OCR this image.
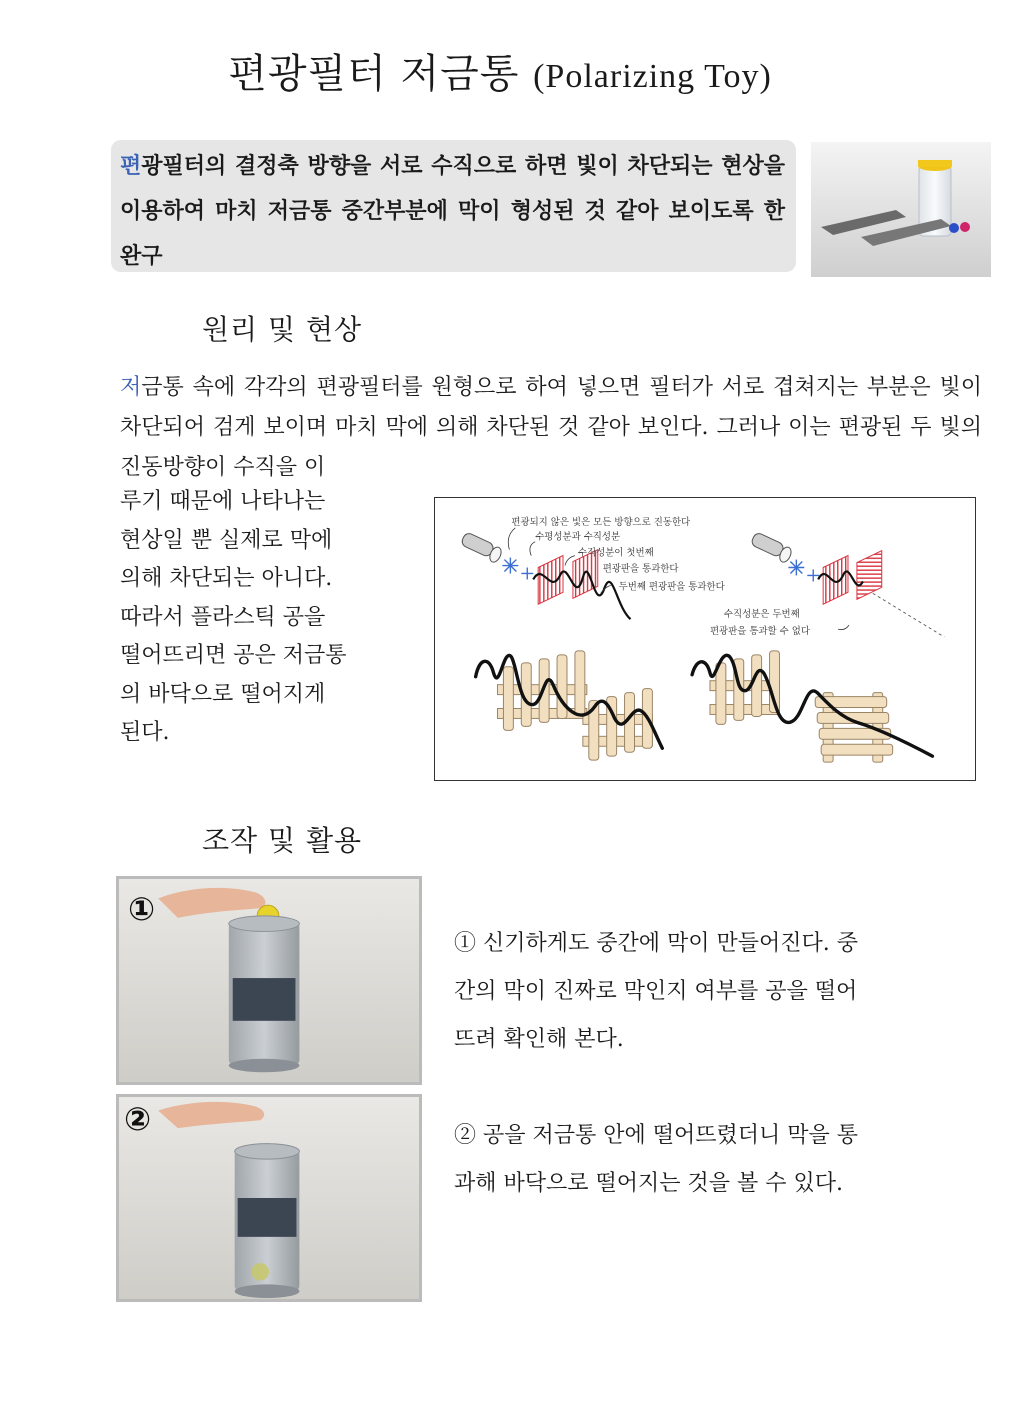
편광필터 저금통 (Polarizing Toy)
편광필터의 결정축 방향을 서로 수직으로 하면 빛이 차단되는 현상을 이용하여 마치 저금통 중간부분에 막이 형성된 것 같아 보이도록 한 완구
원리 및 현상
저금통 속에 각각의 편광필터를 원형으로 하여 넣으면 필터가 서로 겹쳐지는 부분은 빛이 차단되어 검게 보이며 마치 막에 의해 차단된 것 같아 보인다. 그러나 이는 편광된 두 빛의 진동방향이 수직을 이
루기 때문에 나타나는
현상일 뿐 실제로 막에
의해 차단되는 아니다.
따라서 플라스틱 공을
떨어뜨리면 공은 저금통
의 바닥으로 떨어지게
된다.
편광되지 않은 빛은 모든 방향으로 진동한다
수평성분과 수직성분
수직성분이 첫번째
편광판을 통과한다
두번째 편광판을 통과한다
수직성분은 두번째
편광판을 통과할 수 없다
조작 및 활용
①
②
① 신기하게도 중간에 막이 만들어진다. 중
간의 막이 진짜로 막인지 여부를 공을 떨어
뜨려 확인해 본다.
② 공을 저금통 안에 떨어뜨렸더니 막을 통
과해 바닥으로 떨어지는 것을 볼 수 있다.
